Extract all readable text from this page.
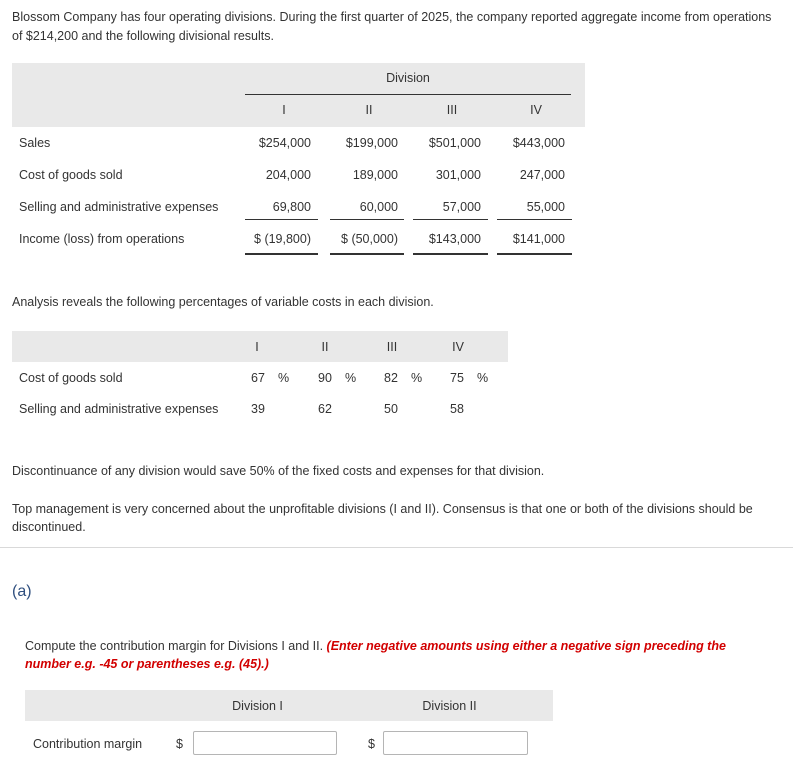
Blossom Company has four operating divisions. During the first quarter of 2025, the company reported aggregate income from operations of $214,200 and the following divisional results.
Division
I	II	III	IV
Sales	$254,000	$199,000	$501,000	$443,000
Cost of goods sold	204,000	189,000	301,000	247,000
Selling and administrative expenses	69,800	60,000	57,000	55,000
Income (loss) from operations	$ (19,800)	$ (50,000)	$143,000	$141,000
Analysis reveals the following percentages of variable costs in each division.
I	II	III	IV
Cost of goods sold	67 % 90 % 82 % 75 %
Selling and administrative expenses	39	62	50	58
Discontinuance of any division would save 50% of the fixed costs and expenses for that division.
Top management is very concerned about the unprofitable divisions (I and II). Consensus is that one or both of the divisions should be discontinued.
(a)
Compute the contribution margin for Divisions I and II. (Enter negative amounts using either a negative sign preceding the number e.g. -45 or parentheses e.g. (45).)
Division I	Division II
Contribution margin	$	$
